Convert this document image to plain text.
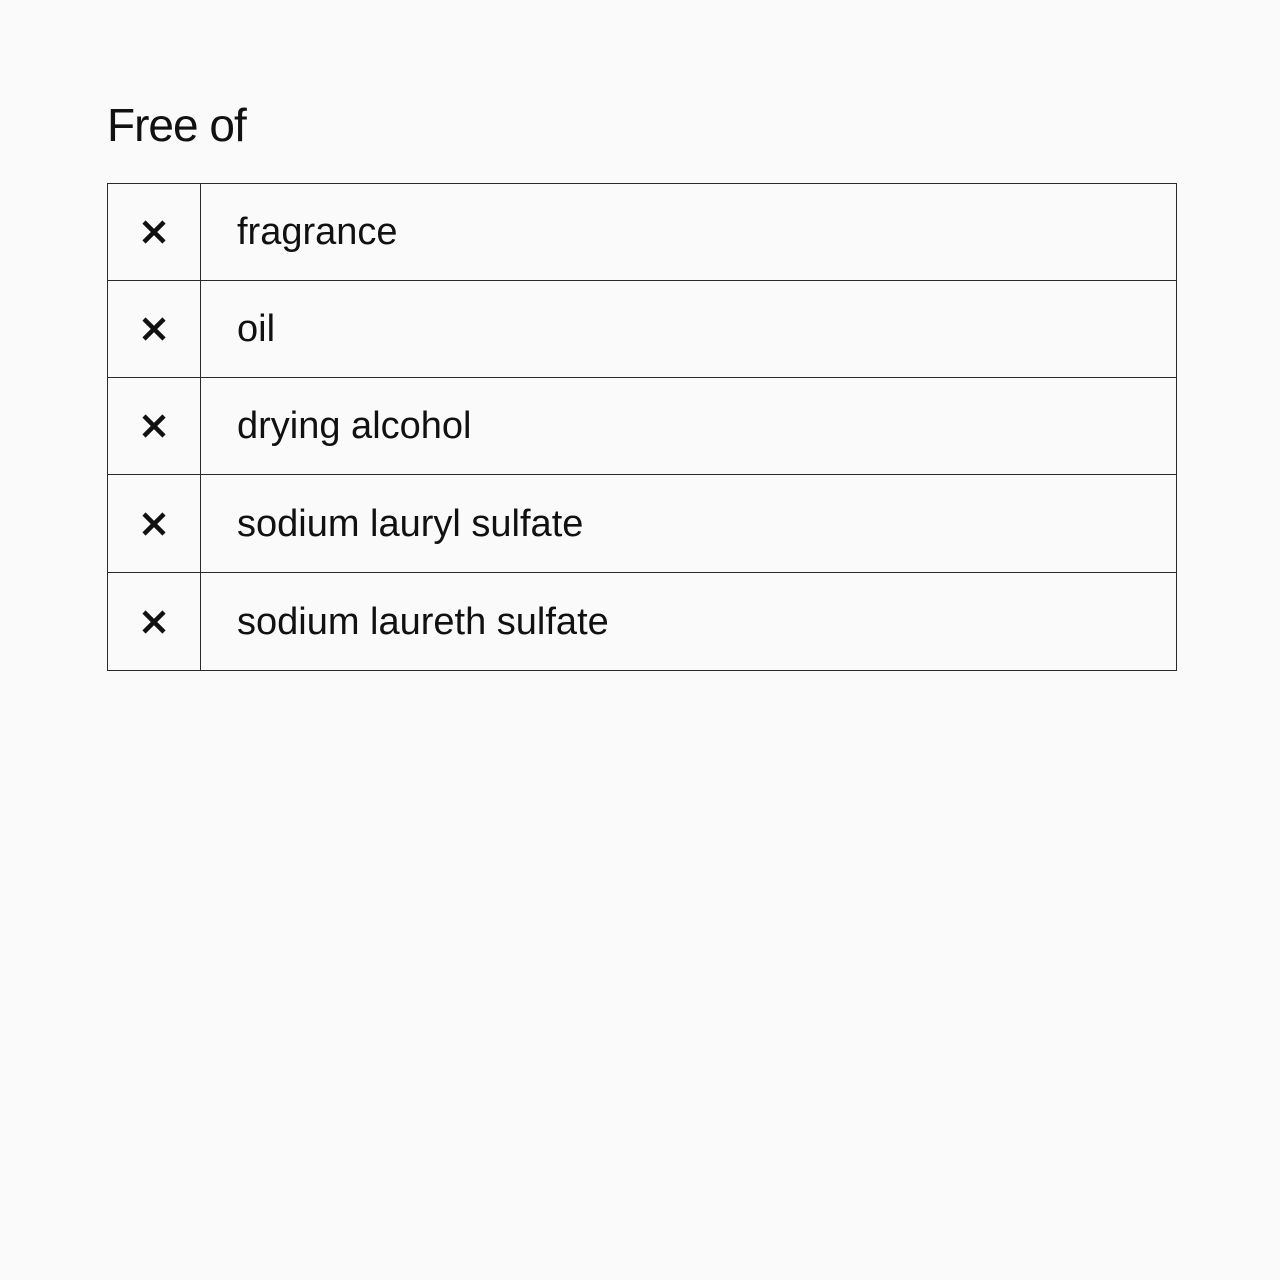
Free of
	fragrance

	oil

	drying alcohol

	sodium lauryl sulfate

	sodium laureth sulfate
